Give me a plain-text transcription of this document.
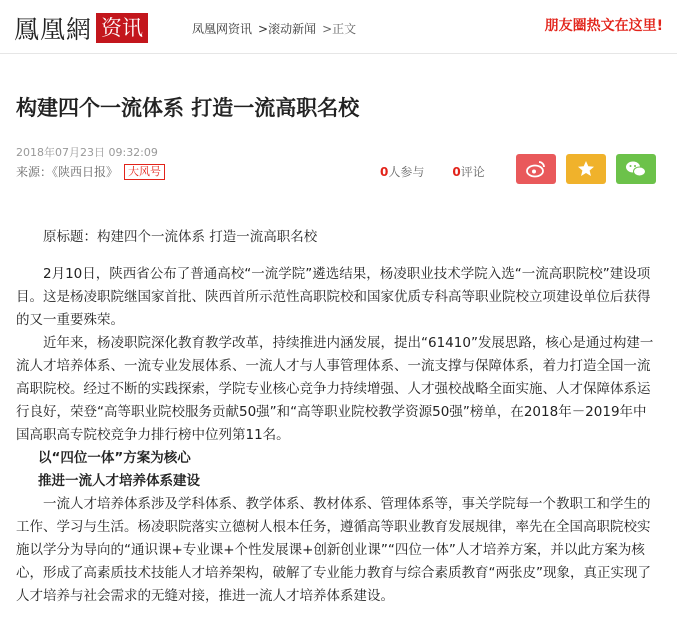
鳳凰網 资讯	凤凰网资讯 >滚动新闻 >正文	朋友圈热文在这里!
构建四个一流体系 打造一流高职名校
2018年07月23日 09:32:09
来源：《陕西日报》 大风号	0人参与 0评论

原标题：构建四个一流体系 打造一流高职名校

2月10日，陕西省公布了普通高校“一流学院”遴选结果，杨凌职业技术学院入选“一流高职院校”建设项目。这是杨凌职院继国家首批、陕西首所示范性高职院校和国家优质专科高等职业院校立项建设单位后获得的又一重要殊荣。

近年来，杨凌职院深化教育教学改革，持续推进内涵发展，提出“61410”发展思路，核心是通过构建一流人才培养体系、一流专业发展体系、一流人才与人事管理体系、一流支撑与保障体系，着力打造全国一流高职院校。经过不断的实践探索，学院专业核心竞争力持续增强、人才强校战略全面实施、人才保障体系运行良好，荣登“高等职业院校服务贡献50强”和“高等职业院校教学资源50强”榜单，在2018年－2019年中国高职高专院校竞争力排行榜中位列第11名。

以“四位一体”方案为核心

推进一流人才培养体系建设

一流人才培养体系涉及学科体系、教学体系、教材体系、管理体系等，事关学院每一个教职工和学生的工作、学习与生活。杨凌职院落实立德树人根本任务，遵循高等职业教育发展规律，率先在全国高职院校实施以学分为导向的“通识课+专业课+个性发展课+创新创业课”“四位一体”人才培养方案，并以此方案为核心，形成了高素质技术技能人才培养架构，破解了专业能力教育与综合素质教育“两张皮”现象，真正实现了人才培养与社会需求的无缝对接，推进一流人才培养体系建设。
